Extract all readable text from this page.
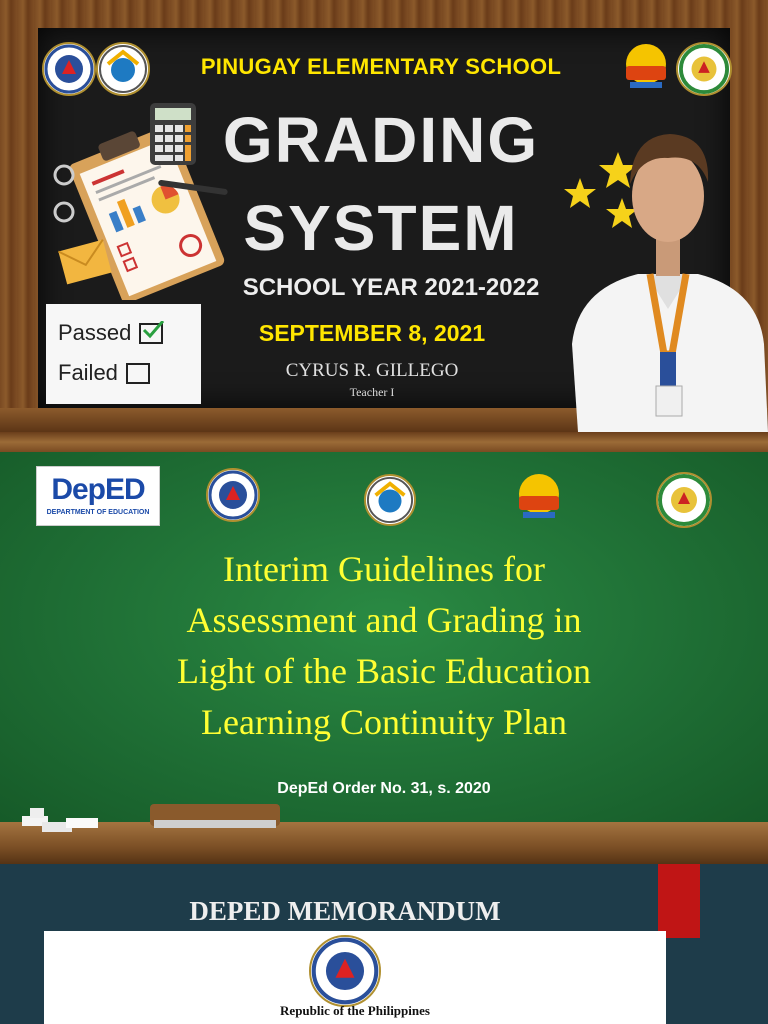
PINUGAY ELEMENTARY SCHOOL
GRADING
SYSTEM
SCHOOL YEAR 2021-2022
SEPTEMBER 8, 2021
CYRUS R. GILLEGO
Teacher I
Passed
Failed
DepED
DEPARTMENT OF EDUCATION
Interim Guidelines for
Assessment and Grading in
Light of the Basic Education
Learning Continuity Plan
DepEd Order No. 31, s. 2020
DEPED MEMORANDUM
Republic of the Philippines
